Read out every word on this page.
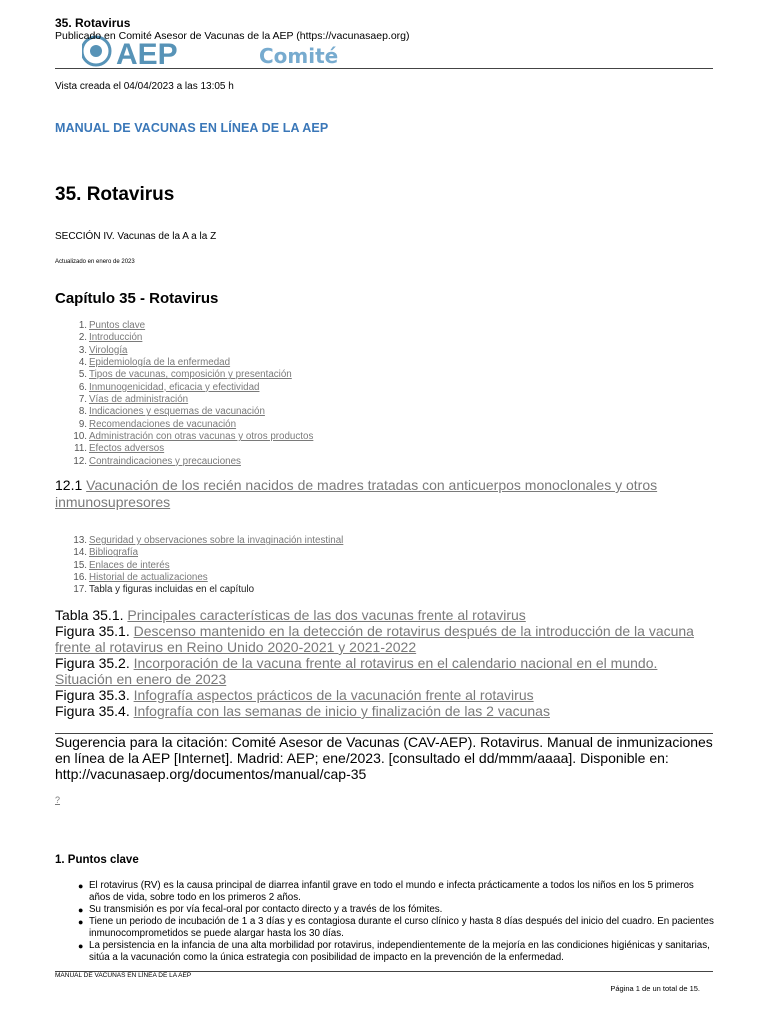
AEP	Comité
35. Rotavirus
Publicado en Comité Asesor de Vacunas de la AEP (https://vacunasaep.org)
Vista creada el 04/04/2023 a las 13:05 h
MANUAL DE VACUNAS EN LÍNEA DE LA AEP
35. Rotavirus
SECCIÓN IV. Vacunas de la A a la Z
Actualizado en enero de 2023
Capítulo 35 - Rotavirus
1. Puntos clave
2. Introducción
3. Virología
4. Epidemiología de la enfermedad
5. Tipos de vacunas, composición y presentación
6. Inmunogenicidad, eficacia y efectividad
7. Vías de administración
8. Indicaciones y esquemas de vacunación
9. Recomendaciones de vacunación
10. Administración con otras vacunas y otros productos
11. Efectos adversos
12. Contraindicaciones y precauciones
12.1 Vacunación de los recién nacidos de madres tratadas con anticuerpos monoclonales y otros inmunosupresores
13. Seguridad y observaciones sobre la invaginación intestinal
14. Bibliografía
15. Enlaces de interés
16. Historial de actualizaciones
17. Tabla y figuras incluidas en el capítulo

Tabla 35.1. Principales características de las dos vacunas frente al rotavirus

Figura 35.1. Descenso mantenido en la detección de rotavirus después de la introducción de la vacuna frente al rotavirus en Reino Unido 2020-2021 y 2021-2022

Figura 35.2. Incorporación de la vacuna frente al rotavirus en el calendario nacional en el mundo. Situación en enero de 2023

Figura 35.3. Infografía aspectos prácticos de la vacunación frente al rotavirus

Figura 35.4. Infografía con las semanas de inicio y finalización de las 2 vacunas

Sugerencia para la citación: Comité Asesor de Vacunas (CAV-AEP). Rotavirus. Manual de inmunizaciones en línea de la AEP [Internet]. Madrid: AEP; ene/2023. [consultado el dd/mmm/aaaa]. Disponible en: http://vacunasaep.org/documentos/manual/cap-35
?
1. Puntos clave
● El rotavirus (RV) es la causa principal de diarrea infantil grave en todo el mundo e infecta prácticamente a todos los niños en los 5 primeros años de vida, sobre todo en los primeros 2 años.
● Su transmisión es por vía fecal-oral por contacto directo y a través de los fómites.
● Tiene un periodo de incubación de 1 a 3 días y es contagiosa durante el curso clínico y hasta 8 días después del inicio del cuadro. En pacientes inmunocomprometidos se puede alargar hasta los 30 días.
● La persistencia en la infancia de una alta morbilidad por rotavirus, independientemente de la mejoría en las condiciones higiénicas y sanitarias, sitúa a la vacunación como la única estrategia con posibilidad de impacto en la prevención de la enfermedad.
MANUAL DE VACUNAS EN LÍNEA DE LA AEP
Página 1 de un total de 15.
